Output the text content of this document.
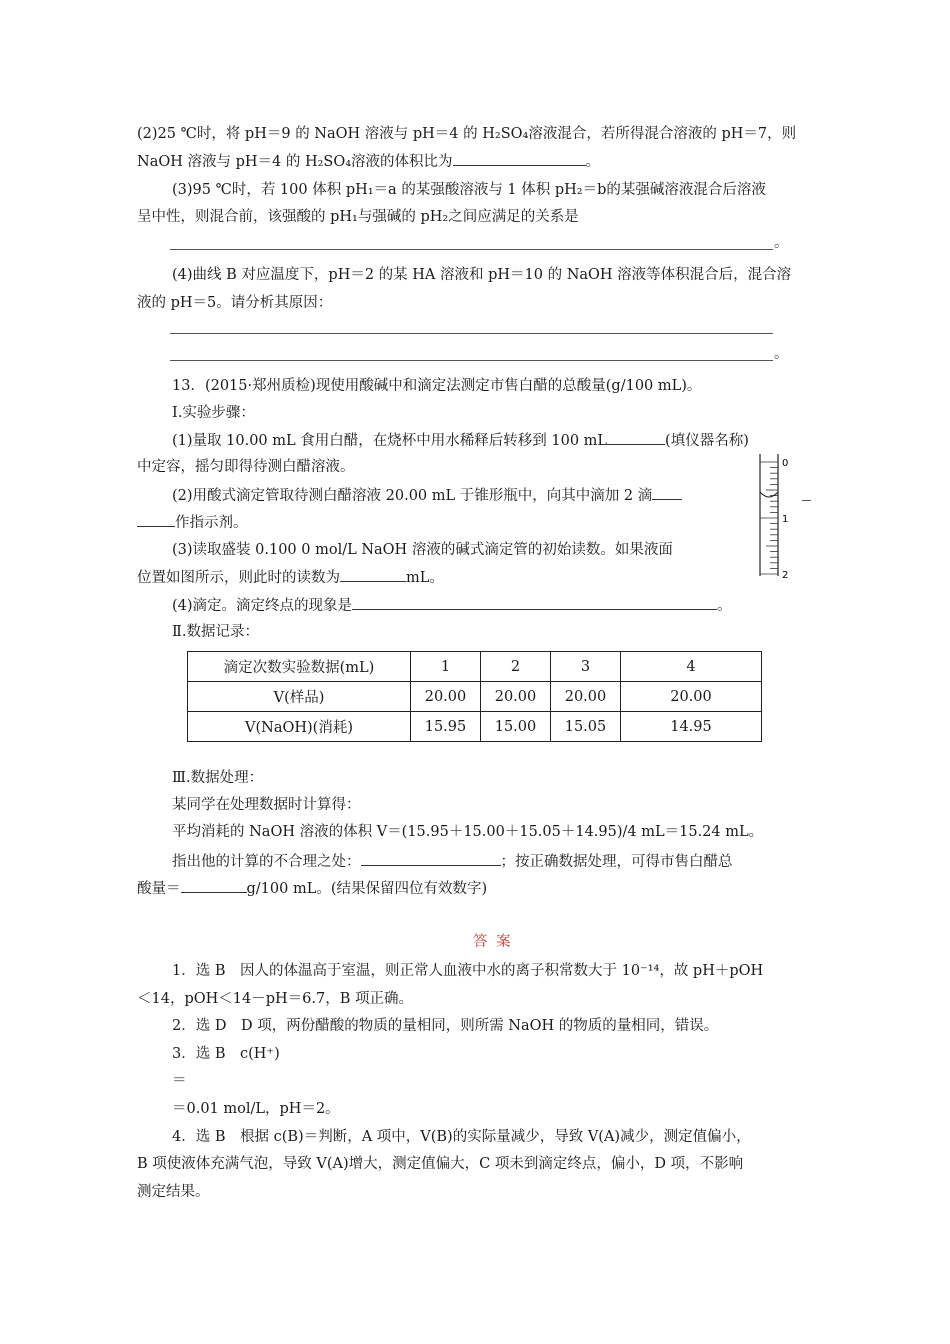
(2)25 ℃时，将 pH＝9 的 NaOH 溶液与 pH＝4 的 H₂SO₄溶液混合，若所得混合溶液的 pH＝7，则
NaOH 溶液与 pH＝4 的 H₂SO₄溶液的体积比为	。
(3)95 ℃时，若 100 体积 pH₁＝a 的某强酸溶液与 1 体积 pH₂＝b的某强碱溶液混合后溶液
呈中性，则混合前，该强酸的 pH₁与强碱的 pH₂之间应满足的关系是
。
(4)曲线 B 对应温度下，pH＝2 的某 HA 溶液和 pH＝10 的 NaOH 溶液等体积混合后，混合溶
液的 pH＝5。请分析其原因：
。
13．(2015·郑州质检)现使用酸碱中和滴定法测定市售白醋的总酸量(g/100 mL)。
Ⅰ.实验步骤：
(1)量取 10.00 mL 食用白醋，在烧杯中用水稀释后转移到 100 mL	(填仪器名称)
中定容，摇匀即得待测白醋溶液。
(2)用酸式滴定管取待测白醋溶液 20.00 mL 于锥形瓶中，向其中滴加 2 滴
作指示剂。
(3)读取盛装 0.100 0 mol/L NaOH 溶液的碱式滴定管的初始读数。如果液面
位置如图所示，则此时的读数为	mL。
(4)滴定。滴定终点的现象是	。
0
1
2
Ⅱ.数据记录：
滴定次数实验数据(mL)	1	2	3	4
V(样品)	20.00	20.00	20.00	20.00
V(NaOH)(消耗)	15.95	15.00	15.05	14.95
Ⅲ.数据处理：
某同学在处理数据时计算得：
平均消耗的 NaOH 溶液的体积 V＝(15.95＋15.00＋15.05＋14.95)/4 mL＝15.24 mL。
指出他的计算的不合理之处：	；按正确数据处理，可得市售白醋总
酸量＝	g/100 mL。(结果保留四位有效数字)
答 案
1．选 B　因人的体温高于室温，则正常人血液中水的离子积常数大于 10⁻¹⁴，故 pH＋pOH
＜14，pOH＜14－pH＝6.7，B 项正确。
2．选 D　D 项，两份醋酸的物质的量相同，则所需 NaOH 的物质的量相同，错误。
3．选 B　c(H⁺)
＝
＝0.01 mol/L，pH＝2。
4．选 B　根据 c(B)＝判断，A 项中，V(B)的实际量减少，导致 V(A)减少，测定值偏小，
B 项使液体充满气泡，导致 V(A)增大，测定值偏大，C 项未到滴定终点，偏小，D 项，不影响
测定结果。
